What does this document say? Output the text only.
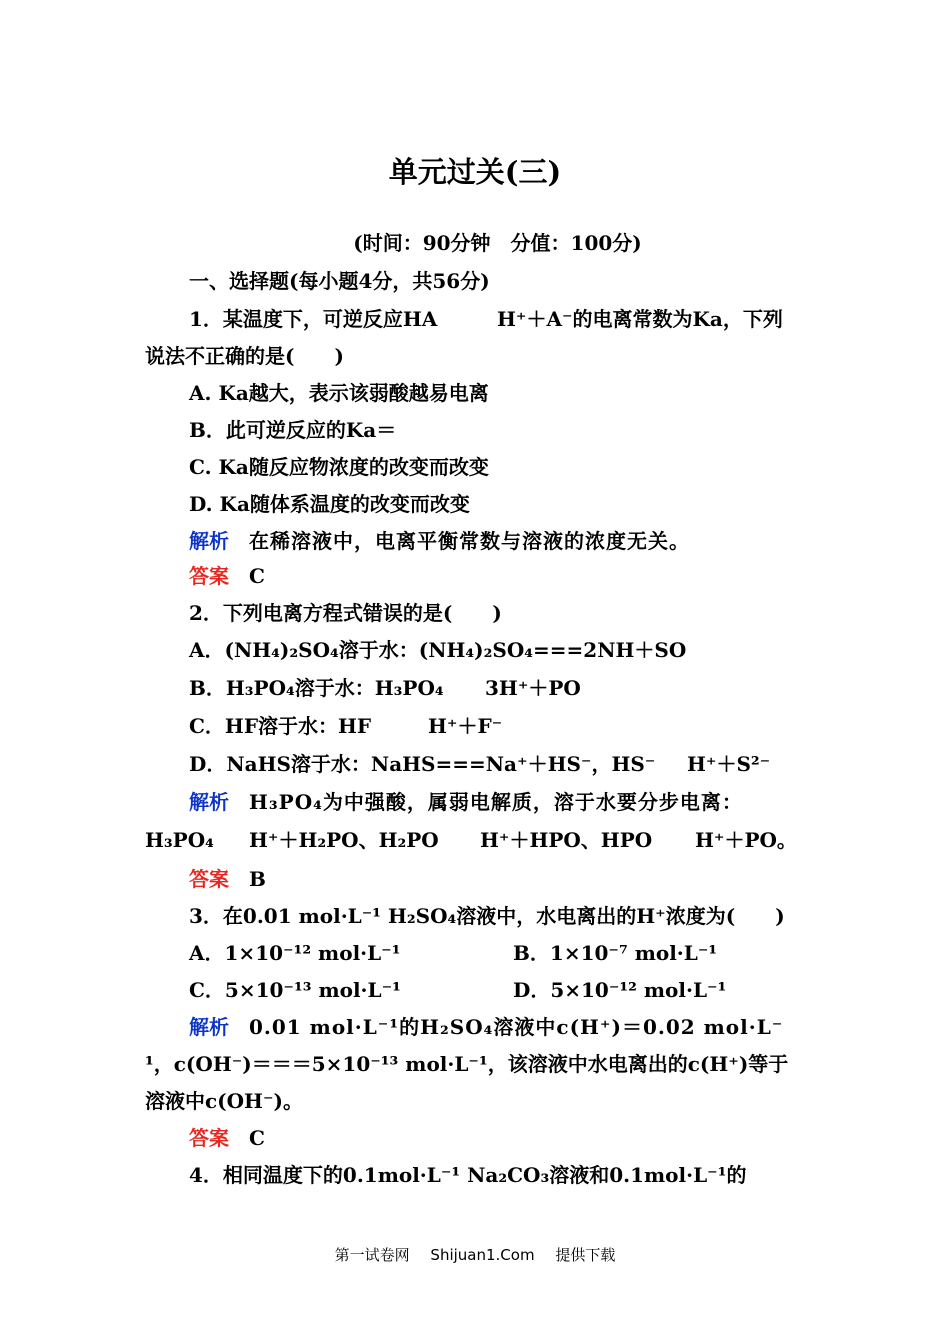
单元过关(三)
(时间：90分钟　分值：100分)
一、选择题(每小题4分，共56分)
1．某温度下，可逆反应HA	H⁺＋A⁻的电离常数为Ka，下列
说法不正确的是(　　)
A. Ka越大，表示该弱酸越易电离
B．此可逆反应的Ka＝
C. Ka随反应物浓度的改变而改变
D. Ka随体系温度的改变而改变
解析 在稀溶液中，电离平衡常数与溶液的浓度无关。
答案 C
2．下列电离方程式错误的是(　　)
A．(NH₄)₂SO₄溶于水：(NH₄)₂SO₄===2NH＋SO
B．H₃PO₄溶于水：H₃PO₄ 3H⁺＋PO
C．HF溶于水：HF	H⁺＋F⁻
D．NaHS溶于水：NaHS===Na⁺＋HS⁻，HS⁻ H⁺＋S²⁻
解析 H₃PO₄为中强酸，属弱电解质，溶于水要分步电离：
H₃PO₄ H⁺＋H₂PO、H₂PO H⁺＋HPO、HPO H⁺＋PO。
答案 B
3．在0.01 mol·L⁻¹ H₂SO₄溶液中，水电离出的H⁺浓度为(　　)
A．1×10⁻¹² mol·L⁻¹	B．1×10⁻⁷ mol·L⁻¹
C．5×10⁻¹³ mol·L⁻¹	D．5×10⁻¹² mol·L⁻¹
解析 0.01 mol·L⁻¹的H₂SO₄溶液中c(H⁺)＝0.02 mol·L⁻
¹，c(OH⁻)＝＝＝5×10⁻¹³ mol·L⁻¹，该溶液中水电离出的c(H⁺)等于
溶液中c(OH⁻)。
答案 C
4．相同温度下的0.1mol·L⁻¹ Na₂CO₃溶液和0.1mol·L⁻¹的
第一试卷网 Shijuan1.Com 提供下载
